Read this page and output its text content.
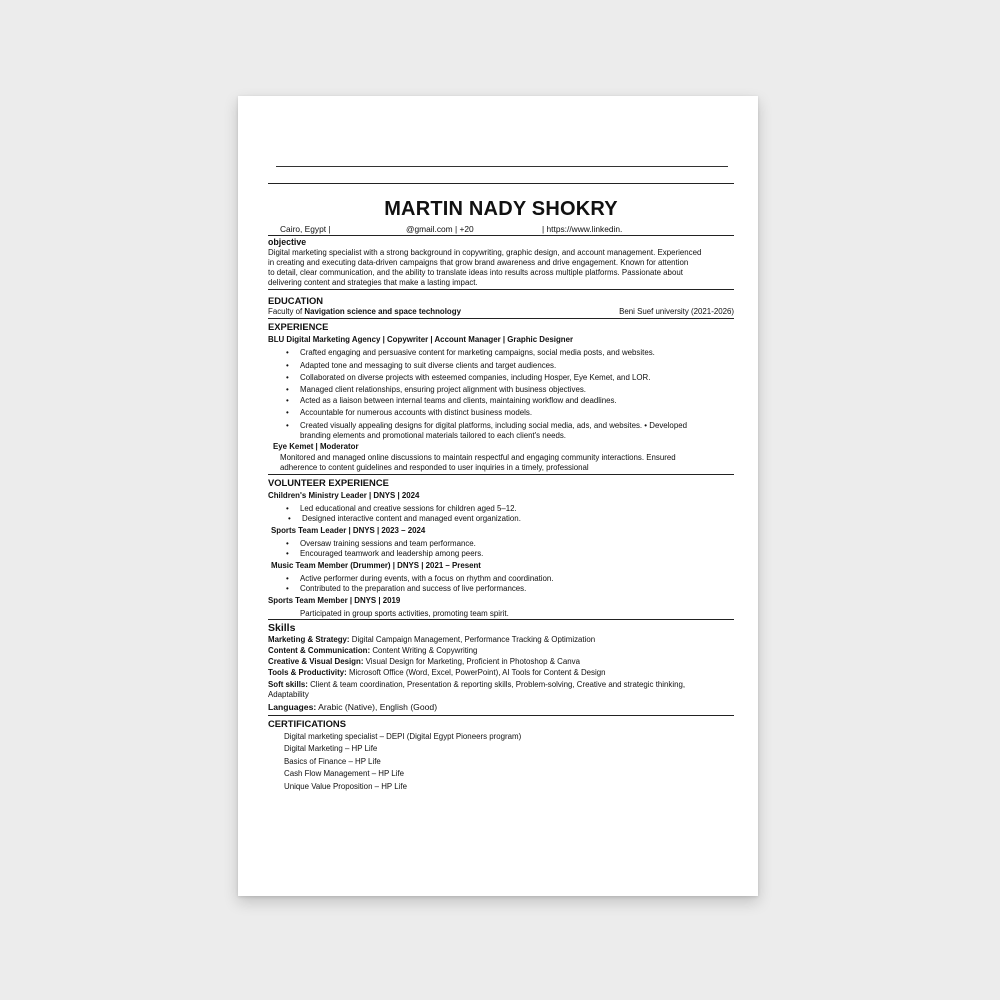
MARTIN NADY SHOKRY
Cairo, Egypt |	@gmail.com | +20	| https://www.linkedin.
objective
Digital marketing specialist with a strong background in copywriting, graphic design, and account management. Experienced
in creating and executing data-driven campaigns that grow brand awareness and drive engagement. Known for attention
to detail, clear communication, and the ability to translate ideas into results across multiple platforms. Passionate about
delivering content and strategies that make a lasting impact.
EDUCATION
Faculty of Navigation science and space technology	Beni Suef university (2021-2026)
EXPERIENCE
BLU Digital Marketing Agency | Copywriter | Account Manager | Graphic Designer
• Crafted engaging and persuasive content for marketing campaigns, social media posts, and websites.
• Adapted tone and messaging to suit diverse clients and target audiences.
• Collaborated on diverse projects with esteemed companies, including Hosper, Eye Kemet, and LOR.
• Managed client relationships, ensuring project alignment with business objectives.
• Acted as a liaison between internal teams and clients, maintaining workflow and deadlines.
• Accountable for numerous accounts with distinct business models.
• Created visually appealing designs for digital platforms, including social media, ads, and websites. • Developed
branding elements and promotional materials tailored to each client's needs.
Eye Kemet | Moderator
Monitored and managed online discussions to maintain respectful and engaging community interactions. Ensured
adherence to content guidelines and responded to user inquiries in a timely, professional
VOLUNTEER EXPERIENCE
Children's Ministry Leader | DNYS | 2024
• Led educational and creative sessions for children aged 5–12.
• Designed interactive content and managed event organization.
Sports Team Leader | DNYS | 2023 – 2024
• Oversaw training sessions and team performance.
• Encouraged teamwork and leadership among peers.
Music Team Member (Drummer) | DNYS | 2021 – Present
• Active performer during events, with a focus on rhythm and coordination.
• Contributed to the preparation and success of live performances.
Sports Team Member | DNYS | 2019
Participated in group sports activities, promoting team spirit.
Skills
Marketing & Strategy: Digital Campaign Management, Performance Tracking & Optimization
Content & Communication: Content Writing & Copywriting
Creative & Visual Design: Visual Design for Marketing, Proficient in Photoshop & Canva
Tools & Productivity: Microsoft Office (Word, Excel, PowerPoint), AI Tools for Content & Design
Soft skills: Client & team coordination, Presentation & reporting skills, Problem-solving, Creative and strategic thinking,
Adaptability
Languages: Arabic (Native), English (Good)
CERTIFICATIONS
Digital marketing specialist – DEPI (Digital Egypt Pioneers program)
Digital Marketing – HP Life
Basics of Finance – HP Life
Cash Flow Management – HP Life
Unique Value Proposition – HP Life
